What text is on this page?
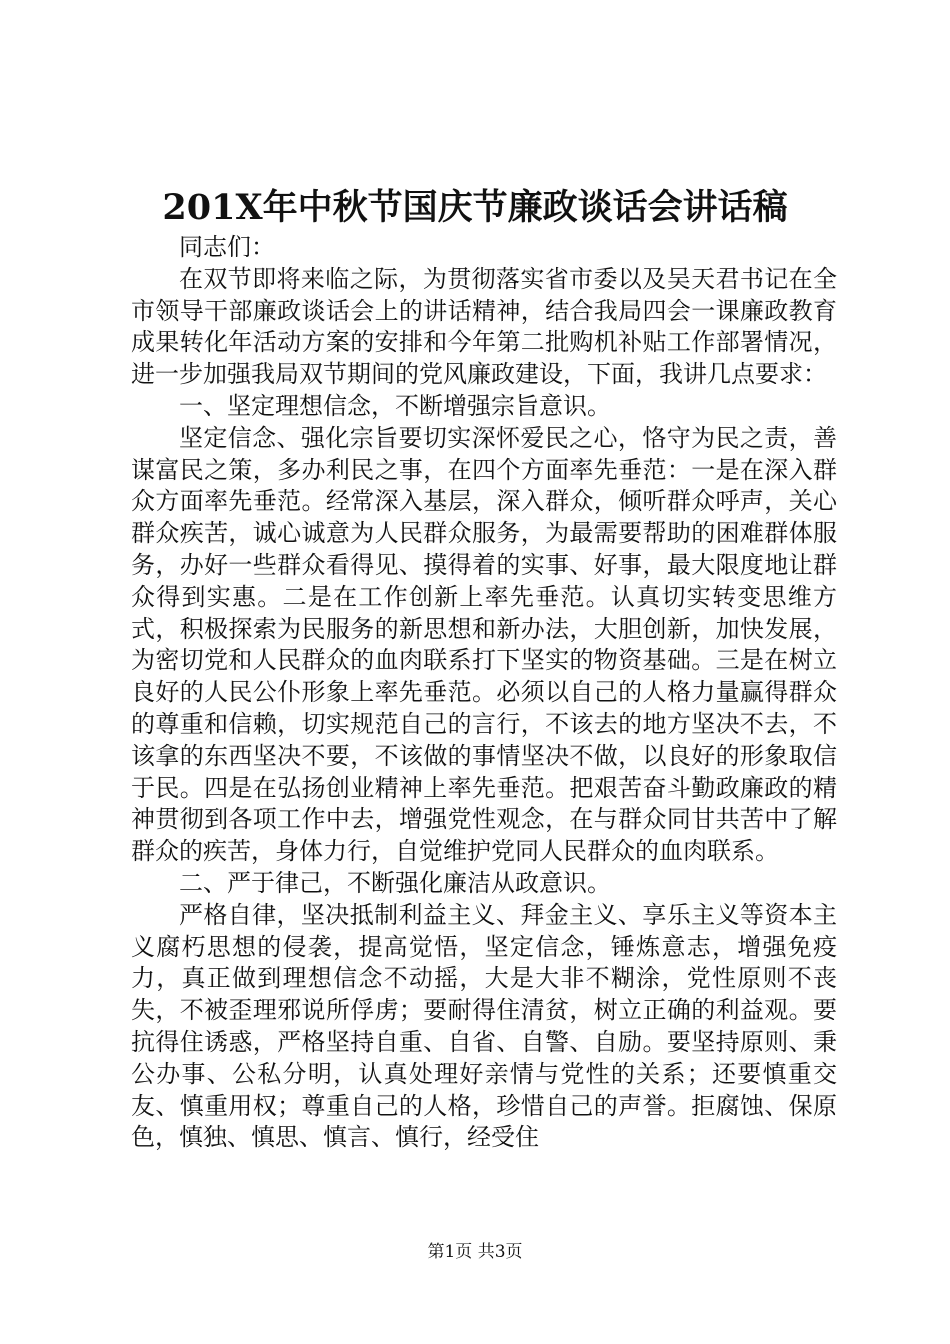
201X年中秋节国庆节廉政谈话会讲话稿

同志们：

在双节即将来临之际，为贯彻落实省市委以及吴天君书记在全市领导干部廉政谈话会上的讲话精神，结合我局四会一课廉政教育成果转化年活动方案的安排和今年第二批购机补贴工作部署情况，进一步加强我局双节期间的党风廉政建设，下面，我讲几点要求：

一、坚定理想信念，不断增强宗旨意识。

坚定信念、强化宗旨要切实深怀爱民之心，恪守为民之责，善谋富民之策，多办利民之事，在四个方面率先垂范：一是在深入群众方面率先垂范。经常深入基层，深入群众，倾听群众呼声，关心群众疾苦，诚心诚意为人民群众服务，为最需要帮助的困难群体服务，办好一些群众看得见、摸得着的实事、好事，最大限度地让群众得到实惠。二是在工作创新上率先垂范。认真切实转变思维方式，积极探索为民服务的新思想和新办法，大胆创新，加快发展，为密切党和人民群众的血肉联系打下坚实的物资基础。三是在树立良好的人民公仆形象上率先垂范。必须以自己的人格力量赢得群众的尊重和信赖，切实规范自己的言行，不该去的地方坚决不去，不该拿的东西坚决不要，不该做的事情坚决不做，以良好的形象取信于民。四是在弘扬创业精神上率先垂范。把艰苦奋斗勤政廉政的精神贯彻到各项工作中去，增强党性观念，在与群众同甘共苦中了解群众的疾苦，身体力行，自觉维护党同人民群众的血肉联系。

二、严于律己，不断强化廉洁从政意识。

严格自律，坚决抵制利益主义、拜金主义、享乐主义等资本主义腐朽思想的侵袭，提高觉悟，坚定信念，锤炼意志，增强免疫力，真正做到理想信念不动摇，大是大非不糊涂，党性原则不丧失，不被歪理邪说所俘虏；要耐得住清贫，树立正确的利益观。要抗得住诱惑，严格坚持自重、自省、自警、自励。要坚持原则、秉公办事、公私分明，认真处理好亲情与党性的关系；还要慎重交友、慎重用权；尊重自己的人格，珍惜自己的声誉。拒腐蚀、保原色，慎独、慎思、慎言、慎行，经受住

第1页 共3页
